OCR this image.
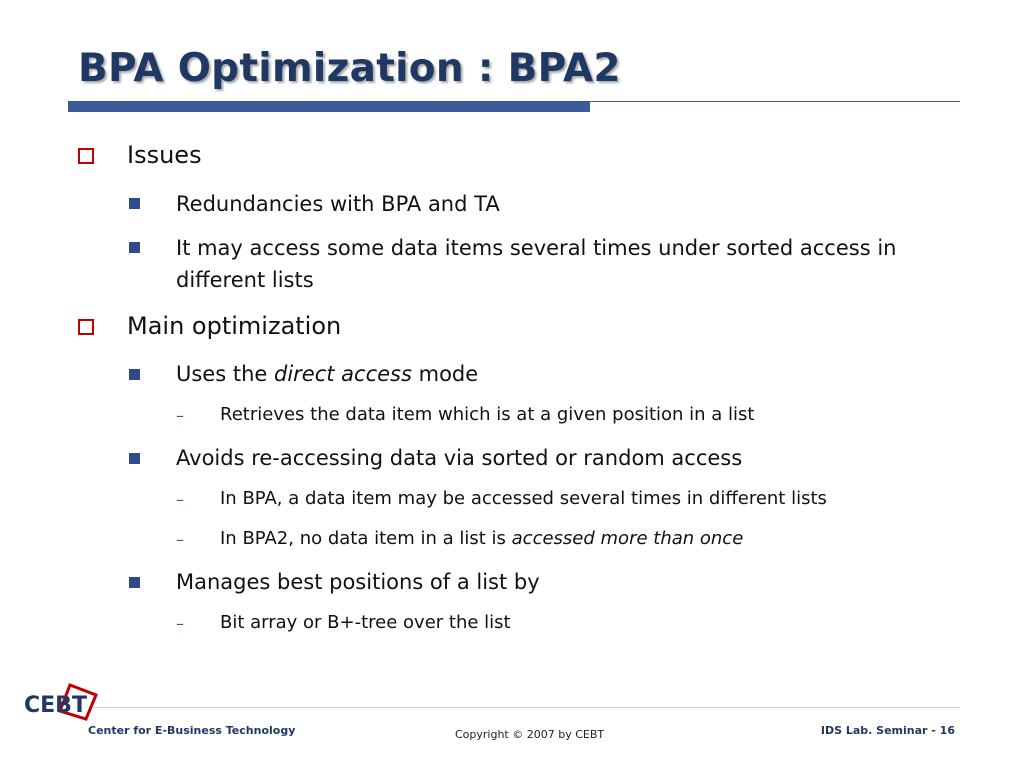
BPA Optimization : BPA2

Issues

Redundancies with BPA and TA

It may access some data items several times under sorted access in different lists

Main optimization

Uses the direct access mode

– Retrieves the data item which is at a given position in a list

Avoids re-accessing data via sorted or random access

– In BPA, a data item may be accessed several times in different lists

– In BPA2, no data item in a list is accessed more than once

Manages best positions of a list by

– Bit array or B+-tree over the list

CEBT
Center for E-Business Technology	Copyright © 2007 by CEBT	IDS Lab. Seminar - 16
